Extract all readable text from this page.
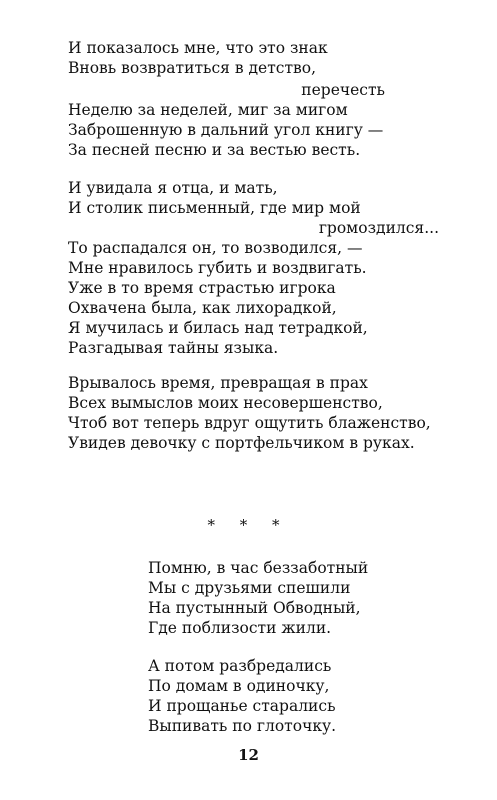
И показалось мне, что это знак
Вновь возвратиться в детство,
перечесть
Неделю за неделей, миг за мигом
Заброшенную в дальний угол книгу —
За песней песню и за вестью весть.
И увидала я отца, и мать,
И столик письменный, где мир мой
громоздился...
То распадался он, то возводился, —
Мне нравилось губить и воздвигать.
Уже в то время страстью игрока
Охвачена была, как лихорадкой,
Я мучилась и билась над тетрадкой,
Разгадывая тайны языка.
Врывалось время, превращая в прах
Всех вымыслов моих несовершенство,
Чтоб вот теперь вдруг ощутить блаженство,
Увидев девочку с портфельчиком в руках.
* * *
Помню, в час беззаботный
Мы с друзьями спешили
На пустынный Обводный,
Где поблизости жили.
А потом разбредались
По домам в одиночку,
И прощанье старались
Выпивать по глоточку.
12
